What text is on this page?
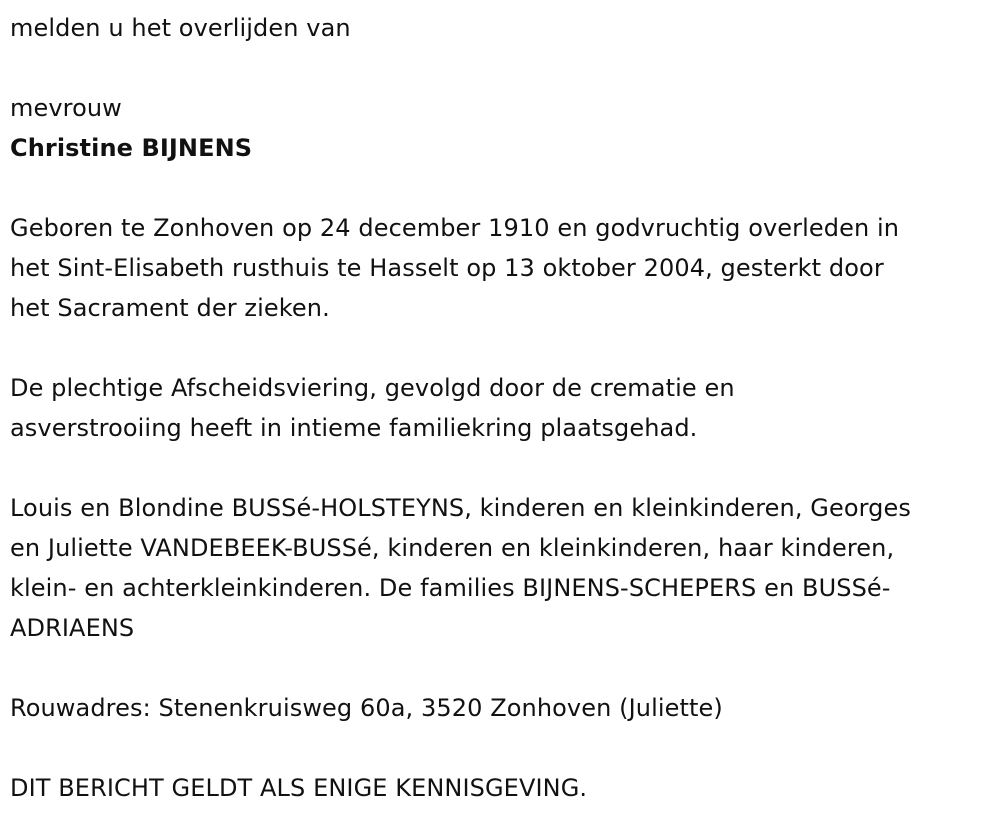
melden u het overlijden van

mevrouw

Christine BIJNENS

Geboren te Zonhoven op 24 december 1910 en godvruchtig overleden in

het Sint-Elisabeth rusthuis te Hasselt op 13 oktober 2004, gesterkt door

het Sacrament der zieken.

De plechtige Afscheidsviering, gevolgd door de crematie en

asverstrooiing heeft in intieme familiekring plaatsgehad.

Louis en Blondine BUSSé-HOLSTEYNS, kinderen en kleinkinderen, Georges

en Juliette VANDEBEEK-BUSSé, kinderen en kleinkinderen, haar kinderen,

klein- en achterkleinkinderen. De families BIJNENS-SCHEPERS en BUSSé-

ADRIAENS

Rouwadres: Stenenkruisweg 60a, 3520 Zonhoven (Juliette)

DIT BERICHT GELDT ALS ENIGE KENNISGEVING.
